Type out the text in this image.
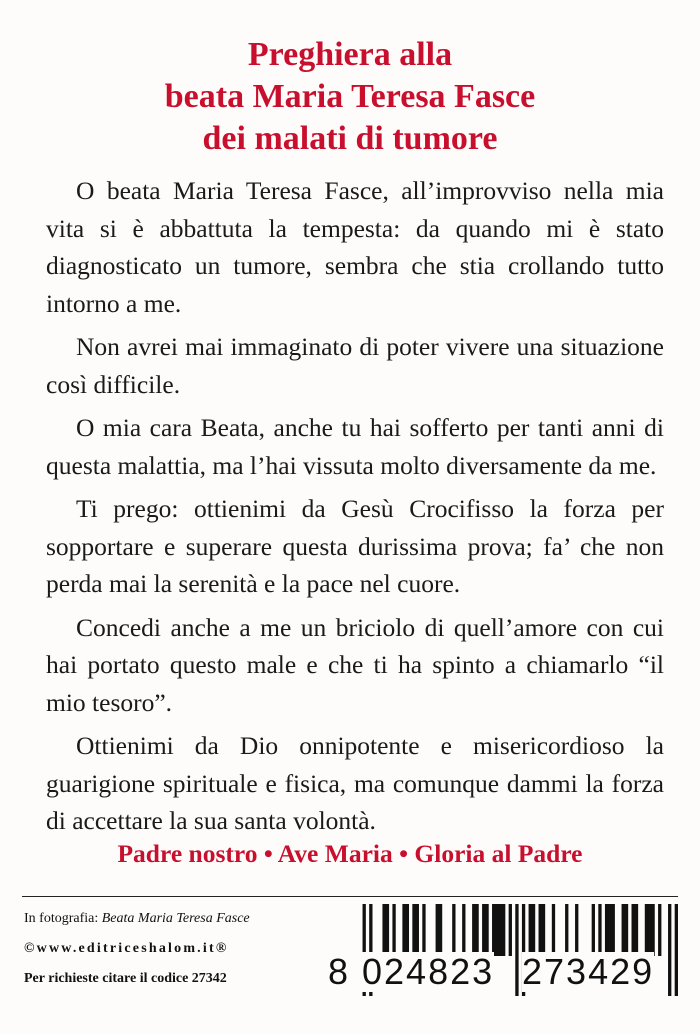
Preghiera alla
beata Maria Teresa Fasce
dei malati di tumore

O beata Maria Teresa Fasce, all’improvviso nella mia vita si è abbattuta la tempesta: da quando mi è stato diagnosticato un tumore, sembra che stia crollando tutto intorno a me.

Non avrei mai immaginato di poter vivere una situazione così difficile.

O mia cara Beata, anche tu hai sofferto per tanti anni di questa malattia, ma l’hai vissuta molto diversamente da me.

Ti prego: ottienimi da Gesù Crocifisso la forza per sopportare e superare questa durissima prova; fa’ che non perda mai la serenità e la pace nel cuore.

Concedi anche a me un briciolo di quell’amore con cui hai portato questo male e che ti ha spinto a chiamarlo “il mio tesoro”.

Ottienimi da Dio onnipotente e misericordioso la guarigione spirituale e fisica, ma comunque dammi la forza di accettare la sua santa volontà.

Padre nostro • Ave Maria • Gloria al Padre
In fotografia: Beata Maria Teresa Fasce
©www.editriceshalom.it®
Per richieste citare il codice 27342	8 024823 273429
